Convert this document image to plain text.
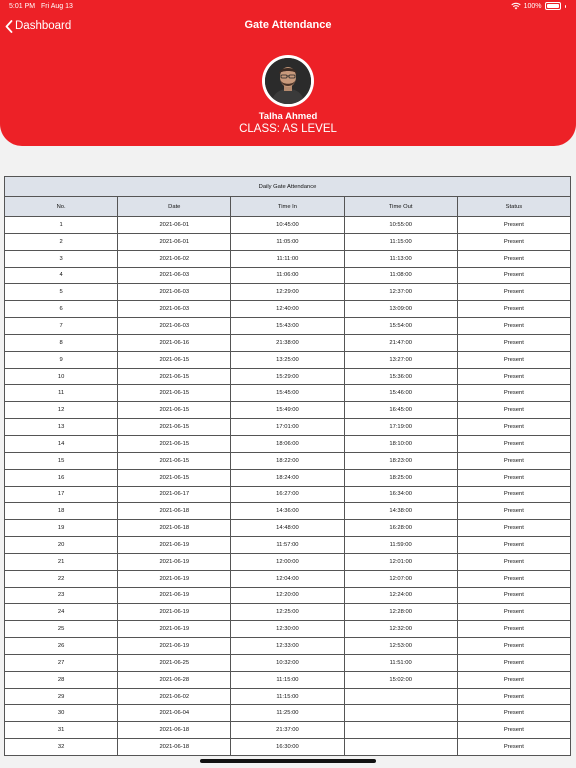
5:01 PM Fri Aug 13	100%
Dashboard	Gate Attendance
Talha Ahmed
CLASS: AS LEVEL
Daily Gate Attendance				
No.	Date	Time In	Time Out	Status
1	2021-06-01	10:45:00	10:55:00	Present
2	2021-06-01	11:05:00	11:15:00	Present
3	2021-06-02	11:11:00	11:13:00	Present
4	2021-06-03	11:06:00	11:08:00	Present
5	2021-06-03	12:29:00	12:37:00	Present
6	2021-06-03	12:40:00	13:09:00	Present
7	2021-06-03	15:43:00	15:54:00	Present
8	2021-06-16	21:38:00	21:47:00	Present
9	2021-06-15	13:25:00	13:27:00	Present
10	2021-06-15	15:29:00	15:36:00	Present
11	2021-06-15	15:45:00	15:46:00	Present
12	2021-06-15	15:49:00	16:45:00	Present
13	2021-06-15	17:01:00	17:19:00	Present
14	2021-06-15	18:06:00	18:10:00	Present
15	2021-06-15	18:22:00	18:23:00	Present
16	2021-06-15	18:24:00	18:25:00	Present
17	2021-06-17	16:27:00	16:34:00	Present
18	2021-06-18	14:36:00	14:38:00	Present
19	2021-06-18	14:48:00	16:28:00	Present
20	2021-06-19	11:57:00	11:59:00	Present
21	2021-06-19	12:00:00	12:01:00	Present
22	2021-06-19	12:04:00	12:07:00	Present
23	2021-06-19	12:20:00	12:24:00	Present
24	2021-06-19	12:25:00	12:28:00	Present
25	2021-06-19	12:30:00	12:32:00	Present
26	2021-06-19	12:33:00	12:53:00	Present
27	2021-06-25	10:32:00	11:51:00	Present
28	2021-06-28	11:15:00	15:02:00	Present
29	2021-06-02	11:15:00		Present
30	2021-06-04	11:25:00		Present
31	2021-06-18	21:37:00		Present
32	2021-06-18	16:30:00		Present
